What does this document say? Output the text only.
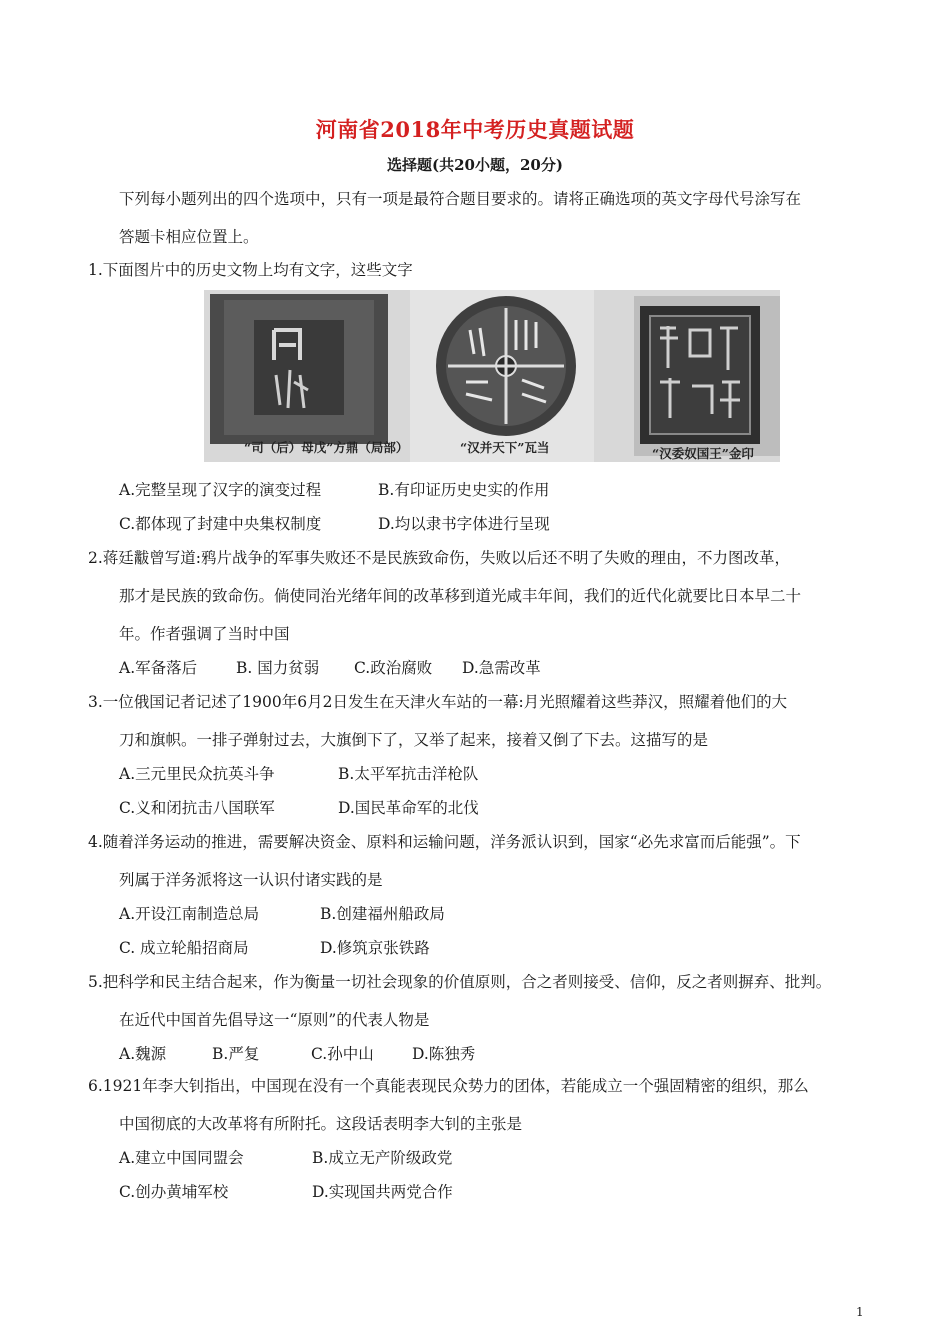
河南省2018年中考历史真题试题
选择题(共20小题，20分)
下列每小题列出的四个选项中，只有一项是最符合题目要求的。请将正确选项的英文字母代号涂写在
答题卡相应位置上。
1.下面图片中的历史文物上均有文字，这些文字
“司（后）母戊”方鼎（局部）	“汉并天下”瓦当	“汉委奴国王”金印
A.完整呈现了汉字的演变过程	B.有印证历史史实的作用
C.都体现了封建中央集权制度	D.均以隶书字体进行呈现
2.蒋廷黻曾写道:鸦片战争的军事失败还不是民族致命伤，失败以后还不明了失败的理由，不力图改革，
那才是民族的致命伤。倘使同治光绪年间的改革移到道光咸丰年间，我们的近代化就要比日本早二十
年。作者强调了当时中国
A.军备落后	B. 国力贫弱 C.政治腐败 D.急需改革
3.一位俄国记者记述了1900年6月2日发生在天津火车站的一幕:月光照耀着这些莽汉，照耀着他们的大
刀和旗帜。一排子弹射过去，大旗倒下了，又举了起来，接着又倒了下去。这描写的是
A.三元里民众抗英斗争	B.太平军抗击洋枪队
C.义和闭抗击八国联军	D.国民革命军的北伐
4.随着洋务运动的推进，需要解决资金、原料和运输问题，洋务派认识到，国家“必先求富而后能强”。下
列属于洋务派将这一认识付诸实践的是
A.开设江南制造总局	B.创建福州船政局
C. 成立轮船招商局	D.修筑京张铁路
5.把科学和民主结合起来，作为衡量一切社会现象的价值原则，合之者则接受、信仰，反之者则摒弃、批判。
在近代中国首先倡导这一“原则”的代表人物是
A.魏源	B.严复	C.孙中山 D.陈独秀
6.1921年李大钊指出，中国现在没有一个真能表现民众势力的团体，若能成立一个强固精密的组织，那么
中国彻底的大改革将有所附托。这段话表明李大钊的主张是
A.建立中国同盟会	B.成立无产阶级政党
C.创办黄埔军校	D.实现国共两党合作
1
